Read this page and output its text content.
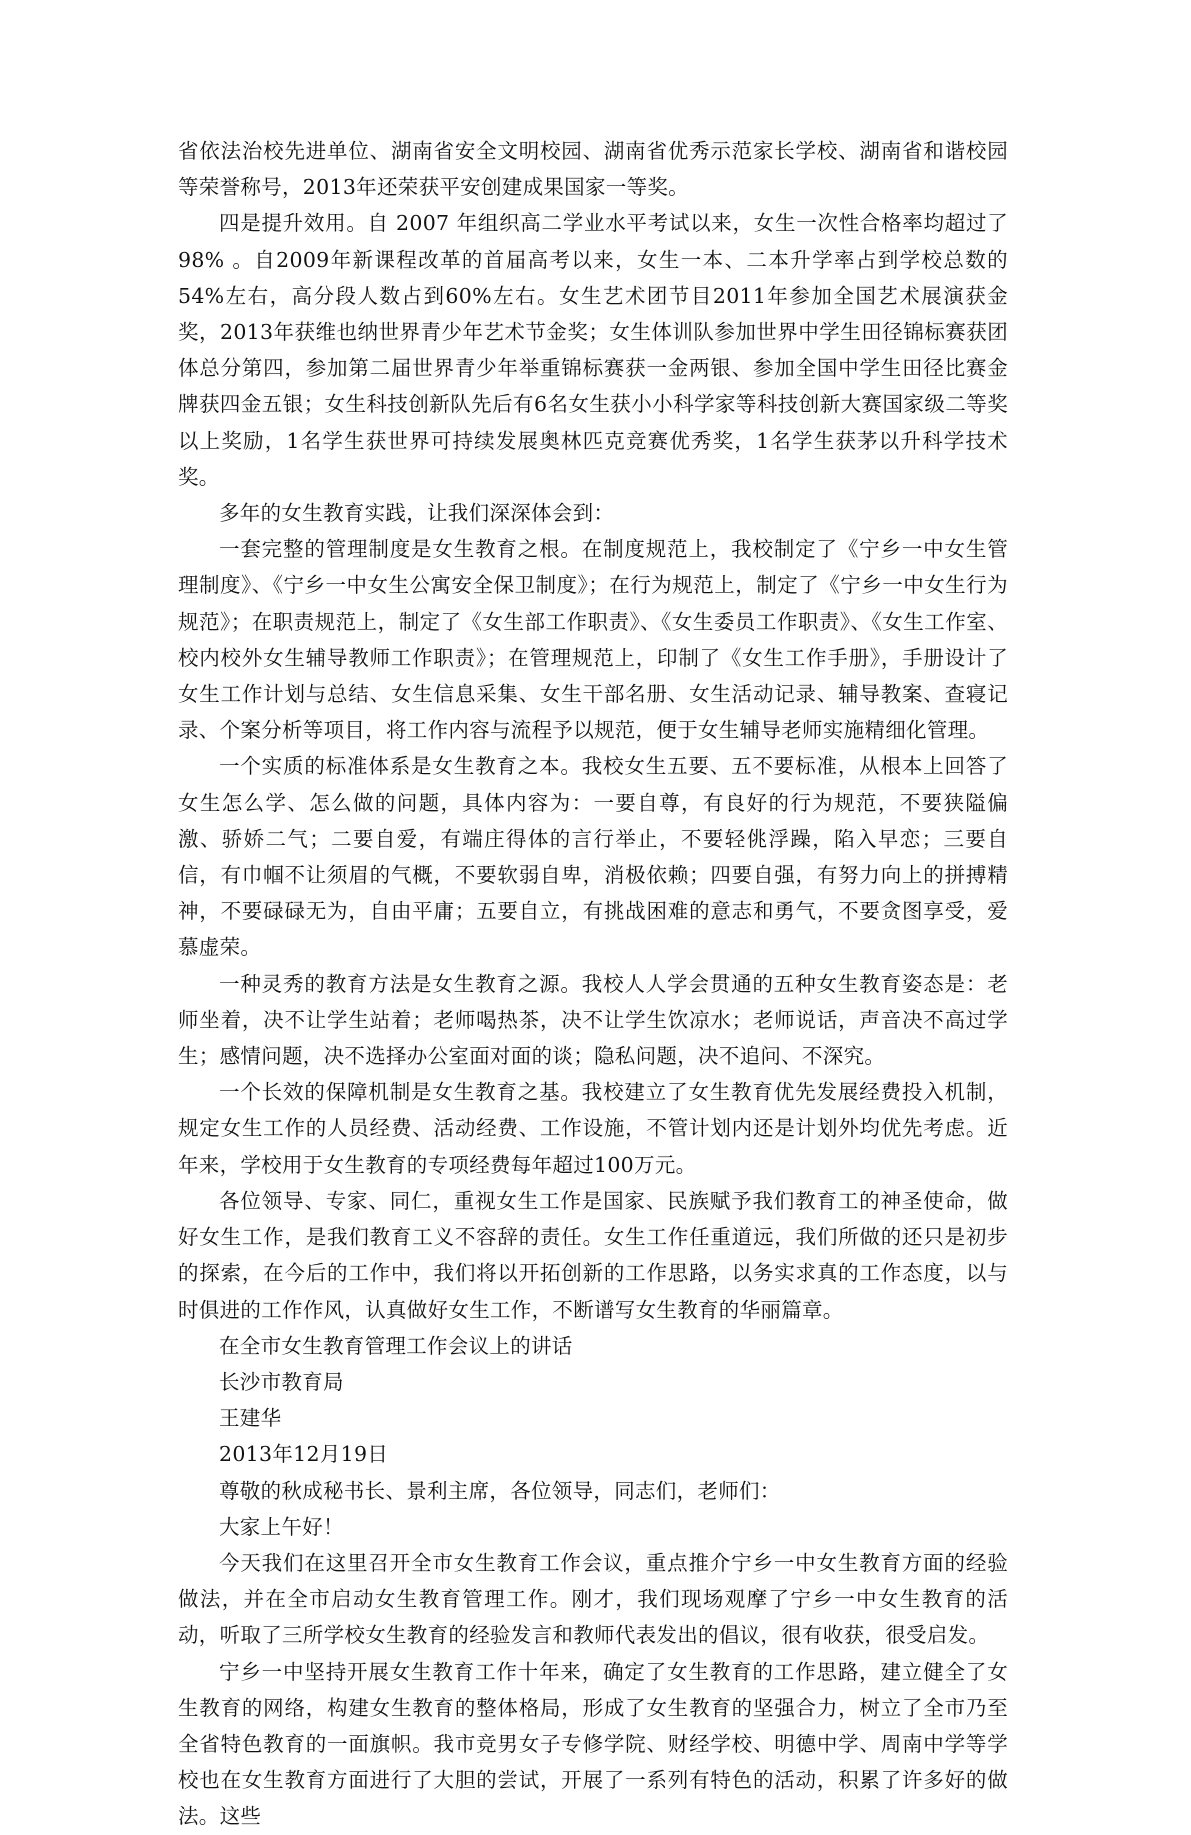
省依法治校先进单位、湖南省安全文明校园、湖南省优秀示范家长学校、湖南省和谐校园等荣誉称号，2013年还荣获平安创建成果国家一等奖。

四是提升效用。自 2007 年组织高二学业水平考试以来，女生一次性合格率均超过了98% 。自2009年新课程改革的首届高考以来，女生一本、二本升学率占到学校总数的54%左右，高分段人数占到60%左右。女生艺术团节目2011年参加全国艺术展演获金奖，2013年获维也纳世界青少年艺术节金奖；女生体训队参加世界中学生田径锦标赛获团体总分第四，参加第二届世界青少年举重锦标赛获一金两银、参加全国中学生田径比赛金牌获四金五银；女生科技创新队先后有6名女生获小小科学家等科技创新大赛国家级二等奖以上奖励，1名学生获世界可持续发展奥林匹克竞赛优秀奖，1名学生获茅以升科学技术奖。

多年的女生教育实践，让我们深深体会到：

一套完整的管理制度是女生教育之根。在制度规范上，我校制定了《宁乡一中女生管理制度》、《宁乡一中女生公寓安全保卫制度》；在行为规范上，制定了《宁乡一中女生行为规范》；在职责规范上，制定了《女生部工作职责》、《女生委员工作职责》、《女生工作室、校内校外女生辅导教师工作职责》；在管理规范上，印制了《女生工作手册》，手册设计了女生工作计划与总结、女生信息采集、女生干部名册、女生活动记录、辅导教案、查寝记录、个案分析等项目，将工作内容与流程予以规范，便于女生辅导老师实施精细化管理。

一个实质的标准体系是女生教育之本。我校女生五要、五不要标准，从根本上回答了女生怎么学、怎么做的问题，具体内容为：一要自尊，有良好的行为规范，不要狭隘偏激、骄娇二气；二要自爱，有端庄得体的言行举止，不要轻佻浮躁，陷入早恋；三要自信，有巾帼不让须眉的气概，不要软弱自卑，消极依赖；四要自强，有努力向上的拼搏精神，不要碌碌无为，自由平庸；五要自立，有挑战困难的意志和勇气，不要贪图享受，爱慕虚荣。

一种灵秀的教育方法是女生教育之源。我校人人学会贯通的五种女生教育姿态是：老师坐着，决不让学生站着；老师喝热茶，决不让学生饮凉水；老师说话，声音决不高过学生；感情问题，决不选择办公室面对面的谈；隐私问题，决不追问、不深究。

一个长效的保障机制是女生教育之基。我校建立了女生教育优先发展经费投入机制，规定女生工作的人员经费、活动经费、工作设施，不管计划内还是计划外均优先考虑。近年来，学校用于女生教育的专项经费每年超过100万元。

各位领导、专家、同仁，重视女生工作是国家、民族赋予我们教育工的神圣使命，做好女生工作，是我们教育工义不容辞的责任。女生工作任重道远，我们所做的还只是初步的探索，在今后的工作中，我们将以开拓创新的工作思路，以务实求真的工作态度，以与时俱进的工作作风，认真做好女生工作，不断谱写女生教育的华丽篇章。

在全市女生教育管理工作会议上的讲话

长沙市教育局

王建华

2013年12月19日

尊敬的秋成秘书长、景利主席，各位领导，同志们，老师们：

大家上午好！

今天我们在这里召开全市女生教育工作会议，重点推介宁乡一中女生教育方面的经验做法，并在全市启动女生教育管理工作。刚才，我们现场观摩了宁乡一中女生教育的活动，听取了三所学校女生教育的经验发言和教师代表发出的倡议，很有收获，很受启发。

宁乡一中坚持开展女生教育工作十年来，确定了女生教育的工作思路，建立健全了女生教育的网络，构建女生教育的整体格局，形成了女生教育的坚强合力，树立了全市乃至全省特色教育的一面旗帜。我市竞男女子专修学院、财经学校、明德中学、周南中学等学校也在女生教育方面进行了大胆的尝试，开展了一系列有特色的活动，积累了许多好的做法。这些
